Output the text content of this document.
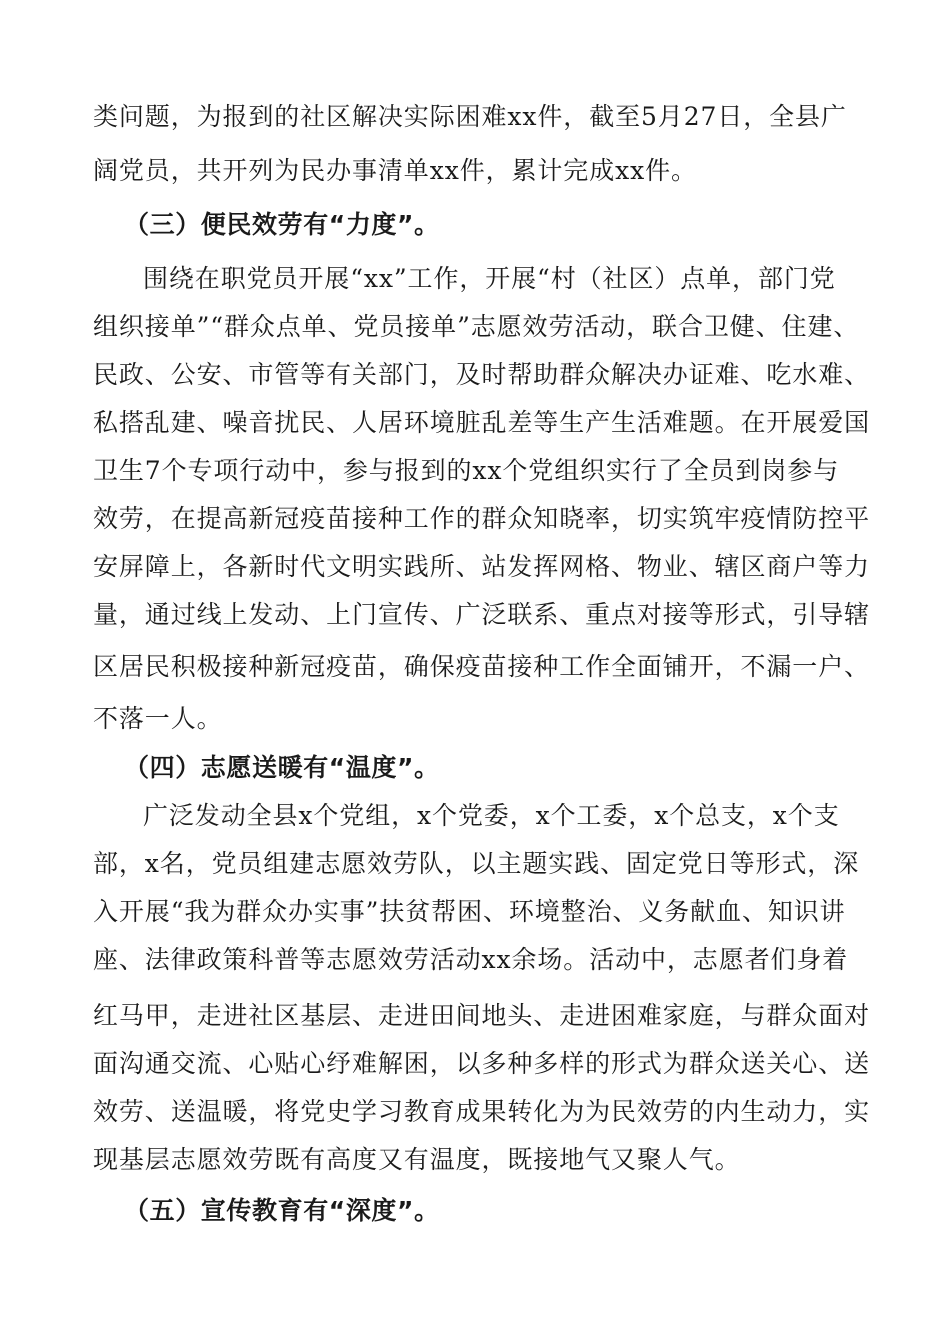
类问题，为报到的社区解决实际困难xx件，截至5月27日，全县广
阔党员，共开列为民办事清单xx件，累计完成xx件。
（三）便民效劳有“力度”。
围绕在职党员开展“xx”工作，开展“村（社区）点单，部门党
组织接单”“群众点单、党员接单”志愿效劳活动，联合卫健、住建、
民政、公安、市管等有关部门，及时帮助群众解决办证难、吃水难、
私搭乱建、噪音扰民、人居环境脏乱差等生产生活难题。在开展爱国
卫生7个专项行动中，参与报到的xx个党组织实行了全员到岗参与
效劳，在提高新冠疫苗接种工作的群众知晓率，切实筑牢疫情防控平
安屏障上，各新时代文明实践所、站发挥网格、物业、辖区商户等力
量，通过线上发动、上门宣传、广泛联系、重点对接等形式，引导辖
区居民积极接种新冠疫苗，确保疫苗接种工作全面铺开，不漏一户、
不落一人。
（四）志愿送暖有“温度”。
广泛发动全县x个党组，x个党委，x个工委，x个总支，x个支
部，x名，党员组建志愿效劳队，以主题实践、固定党日等形式，深
入开展“我为群众办实事”扶贫帮困、环境整治、义务献血、知识讲
座、法律政策科普等志愿效劳活动xx余场。活动中，志愿者们身着
红马甲，走进社区基层、走进田间地头、走进困难家庭，与群众面对
面沟通交流、心贴心纾难解困，以多种多样的形式为群众送关心、送
效劳、送温暖，将党史学习教育成果转化为为民效劳的内生动力，实
现基层志愿效劳既有高度又有温度，既接地气又聚人气。
（五）宣传教育有“深度”。
